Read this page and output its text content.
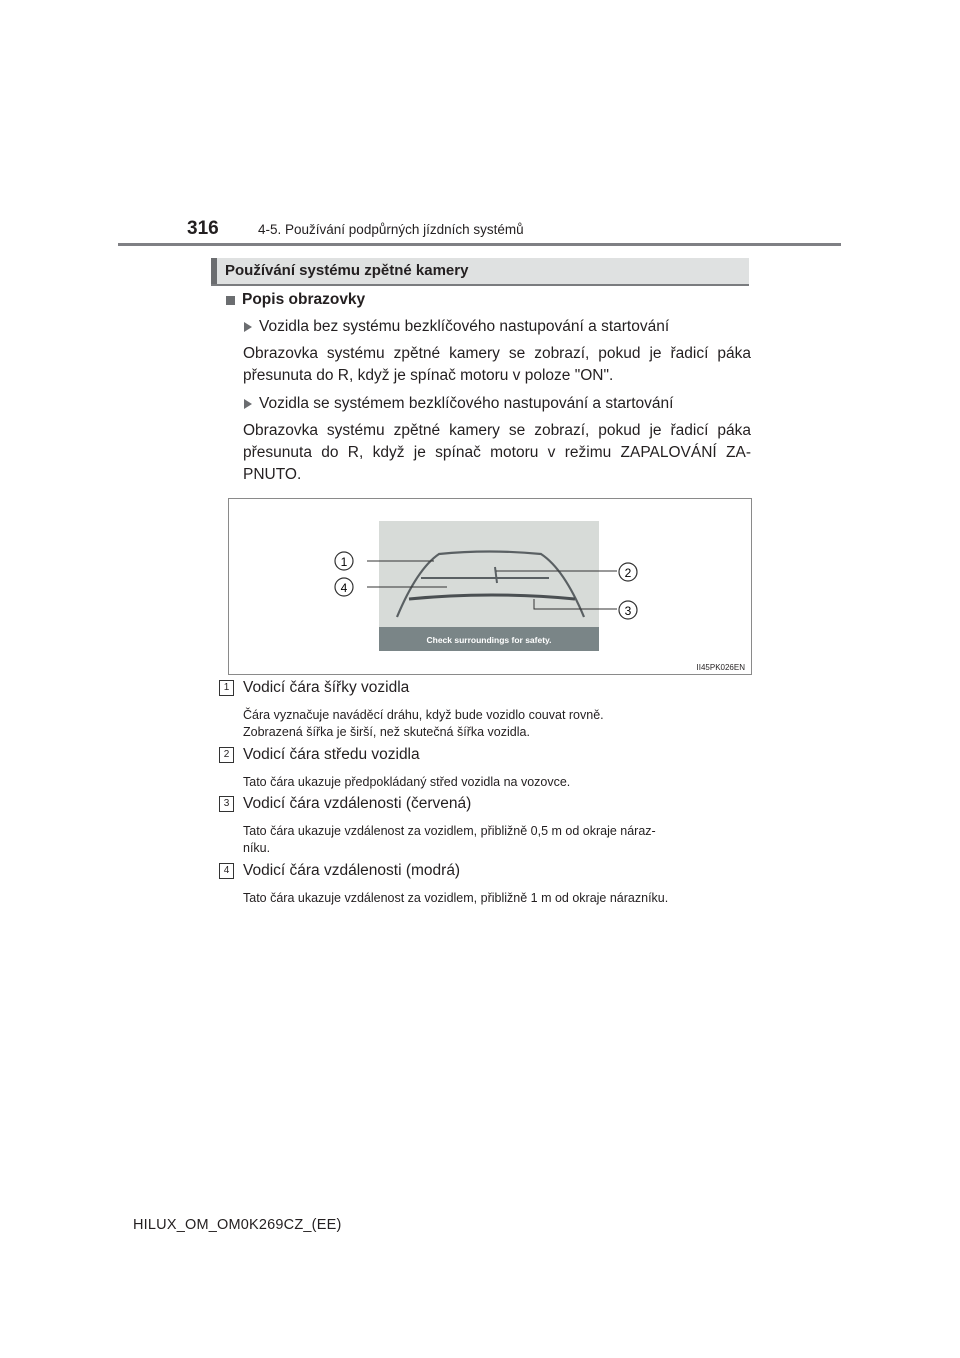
316	4-5. Používání podpůrných jízdních systémů
Používání systému zpětné kamery
Popis obrazovky
Vozidla bez systému bezklíčového nastupování a startování
Obrazovka systému zpětné kamery se zobrazí, pokud je řadicí páka přesunuta do R, když je spínač motoru v poloze "ON".
Vozidla se systémem bezklíčového nastupování a startování
Obrazovka systému zpětné kamery se zobrazí, pokud je řadicí páka přesunuta do R, když je spínač motoru v režimu ZAPALOVÁNÍ ZA-PNUTO.
Check surroundings for safety.
1
4
2
3
II45PK026EN
1 Vodicí čára šířky vozidla
Čára vyznačuje naváděcí dráhu, když bude vozidlo couvat rovně.
Zobrazená šířka je širší, než skutečná šířka vozidla.
2 Vodicí čára středu vozidla
Tato čára ukazuje předpokládaný střed vozidla na vozovce.
3 Vodicí čára vzdálenosti (červená)
Tato čára ukazuje vzdálenost za vozidlem, přibližně 0,5 m od okraje náraz-
níku.
4 Vodicí čára vzdálenosti (modrá)
Tato čára ukazuje vzdálenost za vozidlem, přibližně 1 m od okraje nárazníku.
HILUX_OM_OM0K269CZ_(EE)
